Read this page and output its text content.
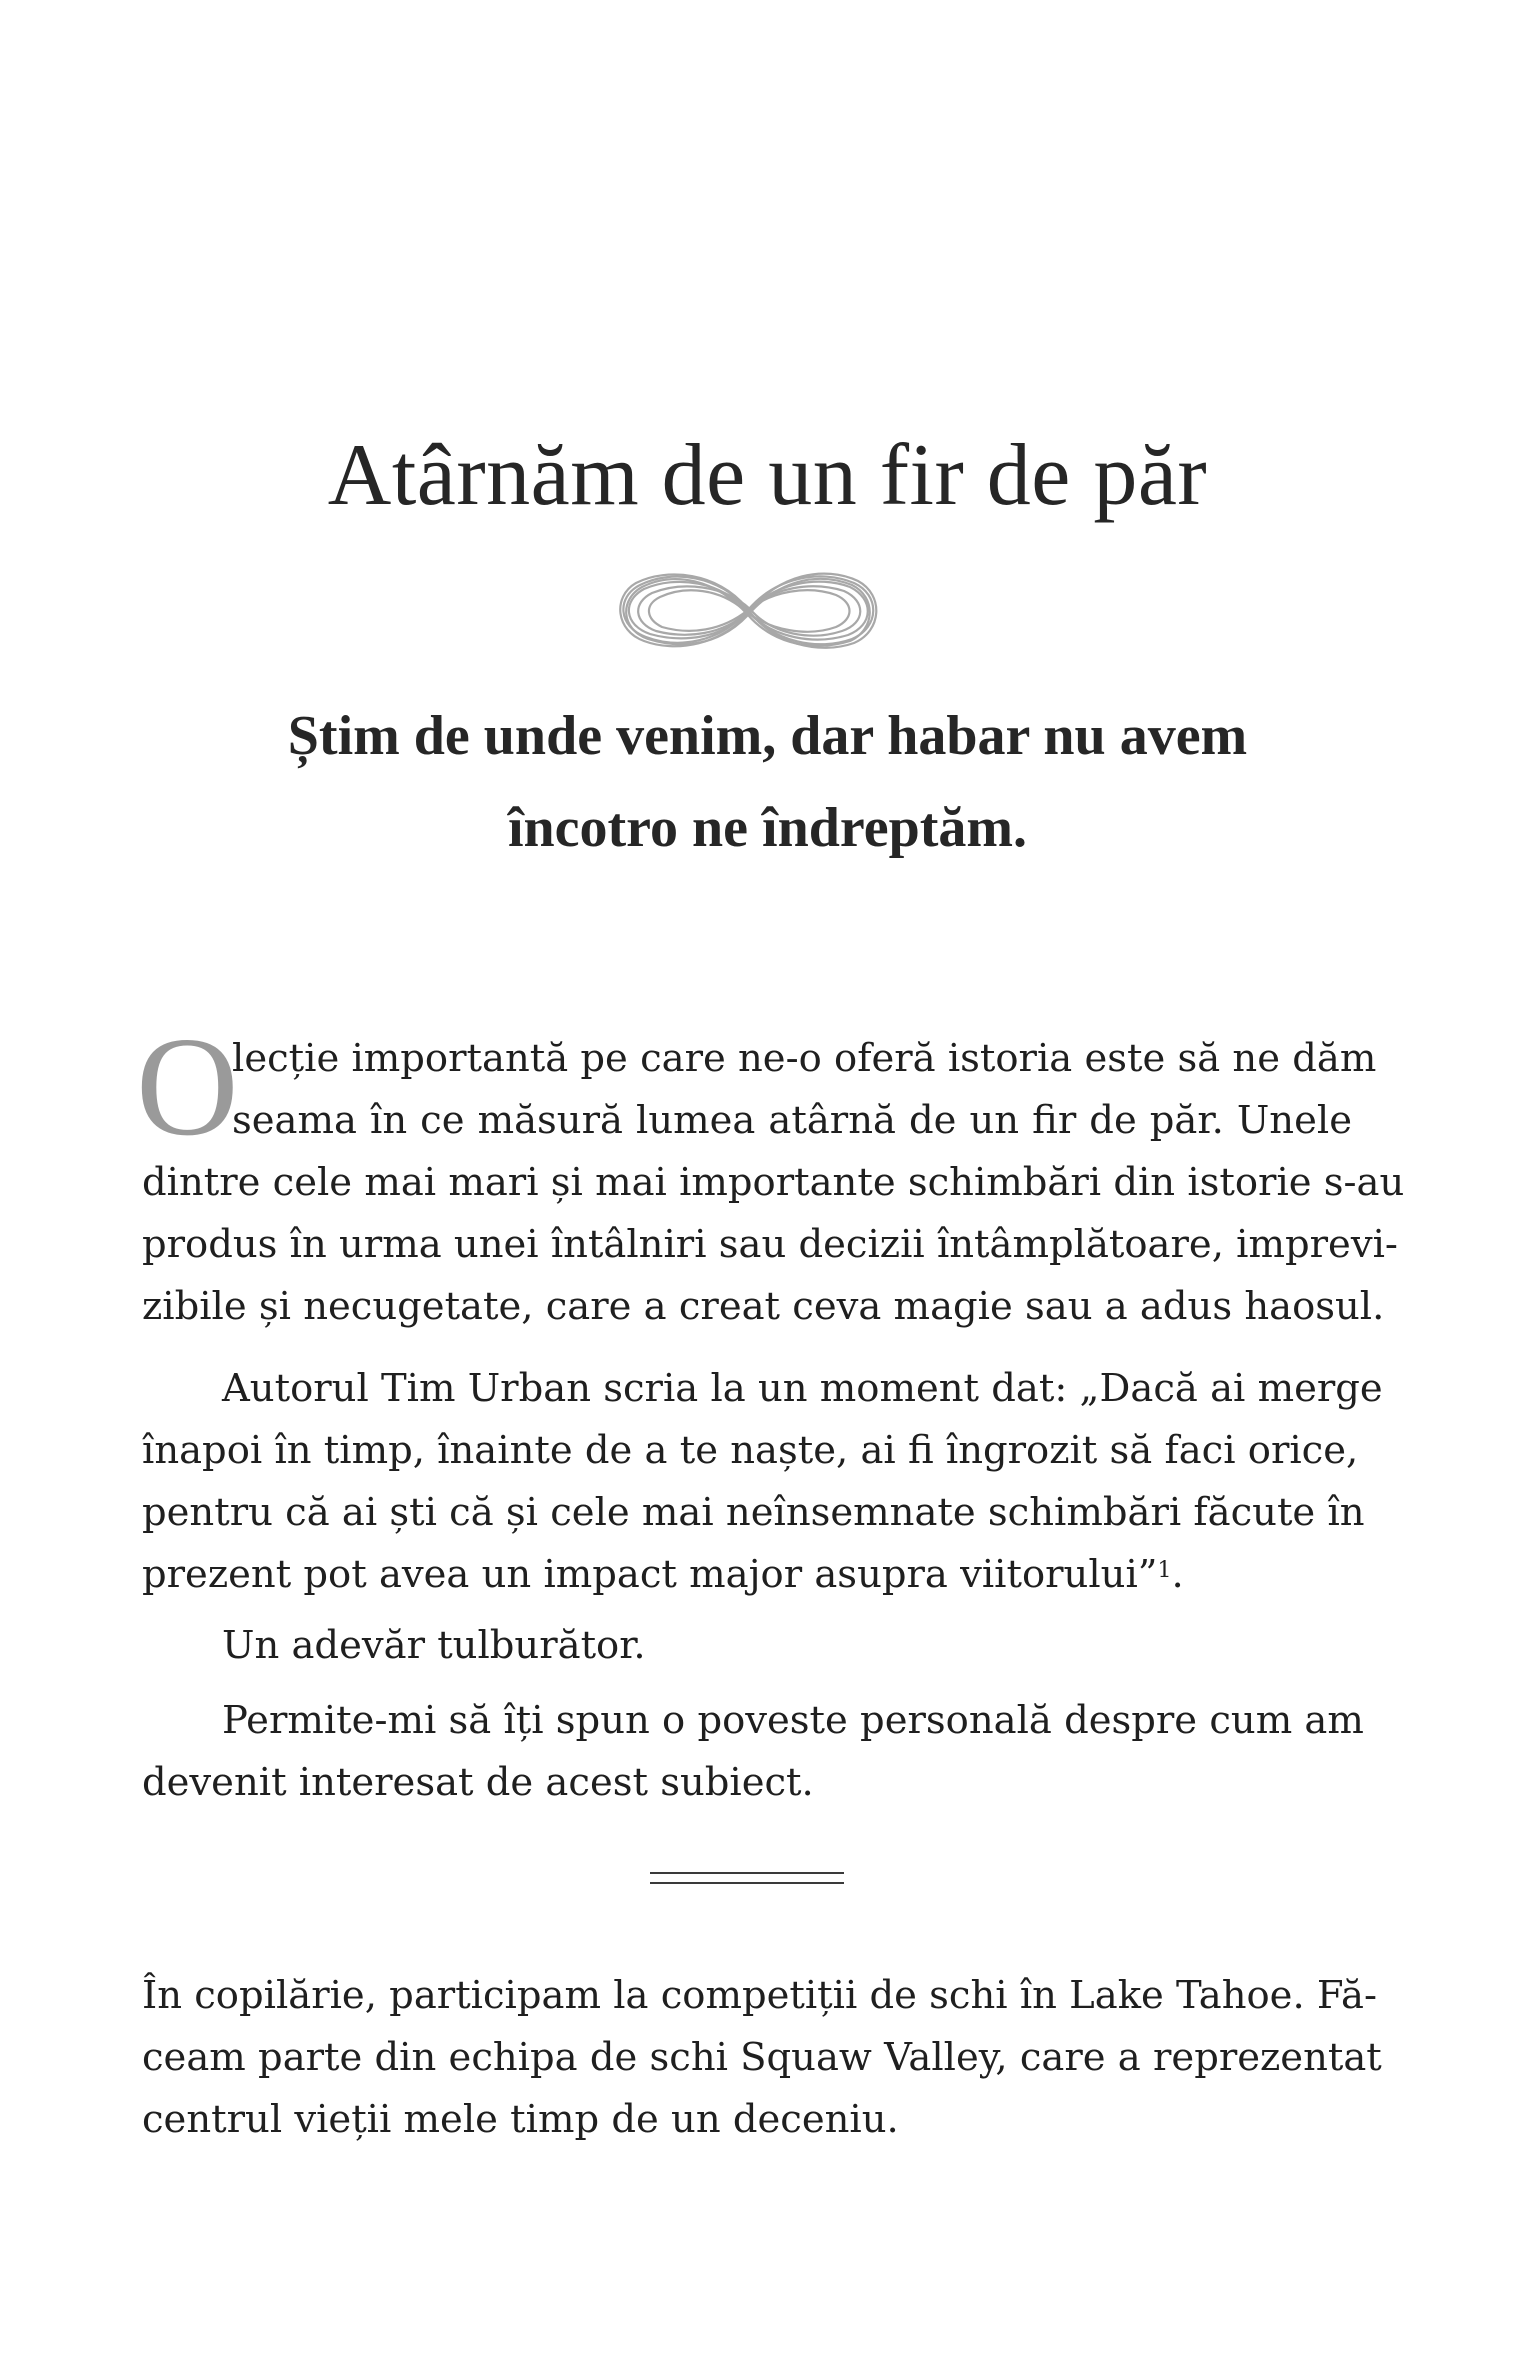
Atârnăm de un fir de păr
Știm de unde venim, dar habar nu avem
încotro ne îndreptăm.
O
lecție importantă pe care ne-o oferă istoria este să ne dăm
seama în ce măsură lumea atârnă de un fir de păr. Unele
dintre cele mai mari și mai importante schimbări din istorie s-au
produs în urma unei întâlniri sau decizii întâmplătoare, imprevi-
zibile și necugetate, care a creat ceva magie sau a adus haosul.
Autorul Tim Urban scria la un moment dat: „Dacă ai merge
înapoi în timp, înainte de a te naște, ai fi îngrozit să faci orice,
pentru că ai ști că și cele mai neînsemnate schimbări făcute în
prezent pot avea un impact major asupra viitorului”$^1$.
Un adevăr tulburător.
Permite-mi să îți spun o poveste personală despre cum am
devenit interesat de acest subiect.
În copilărie, participam la competiții de schi în Lake Tahoe. Fă-
ceam parte din echipa de schi Squaw Valley, care a reprezentat
centrul vieții mele timp de un deceniu.
